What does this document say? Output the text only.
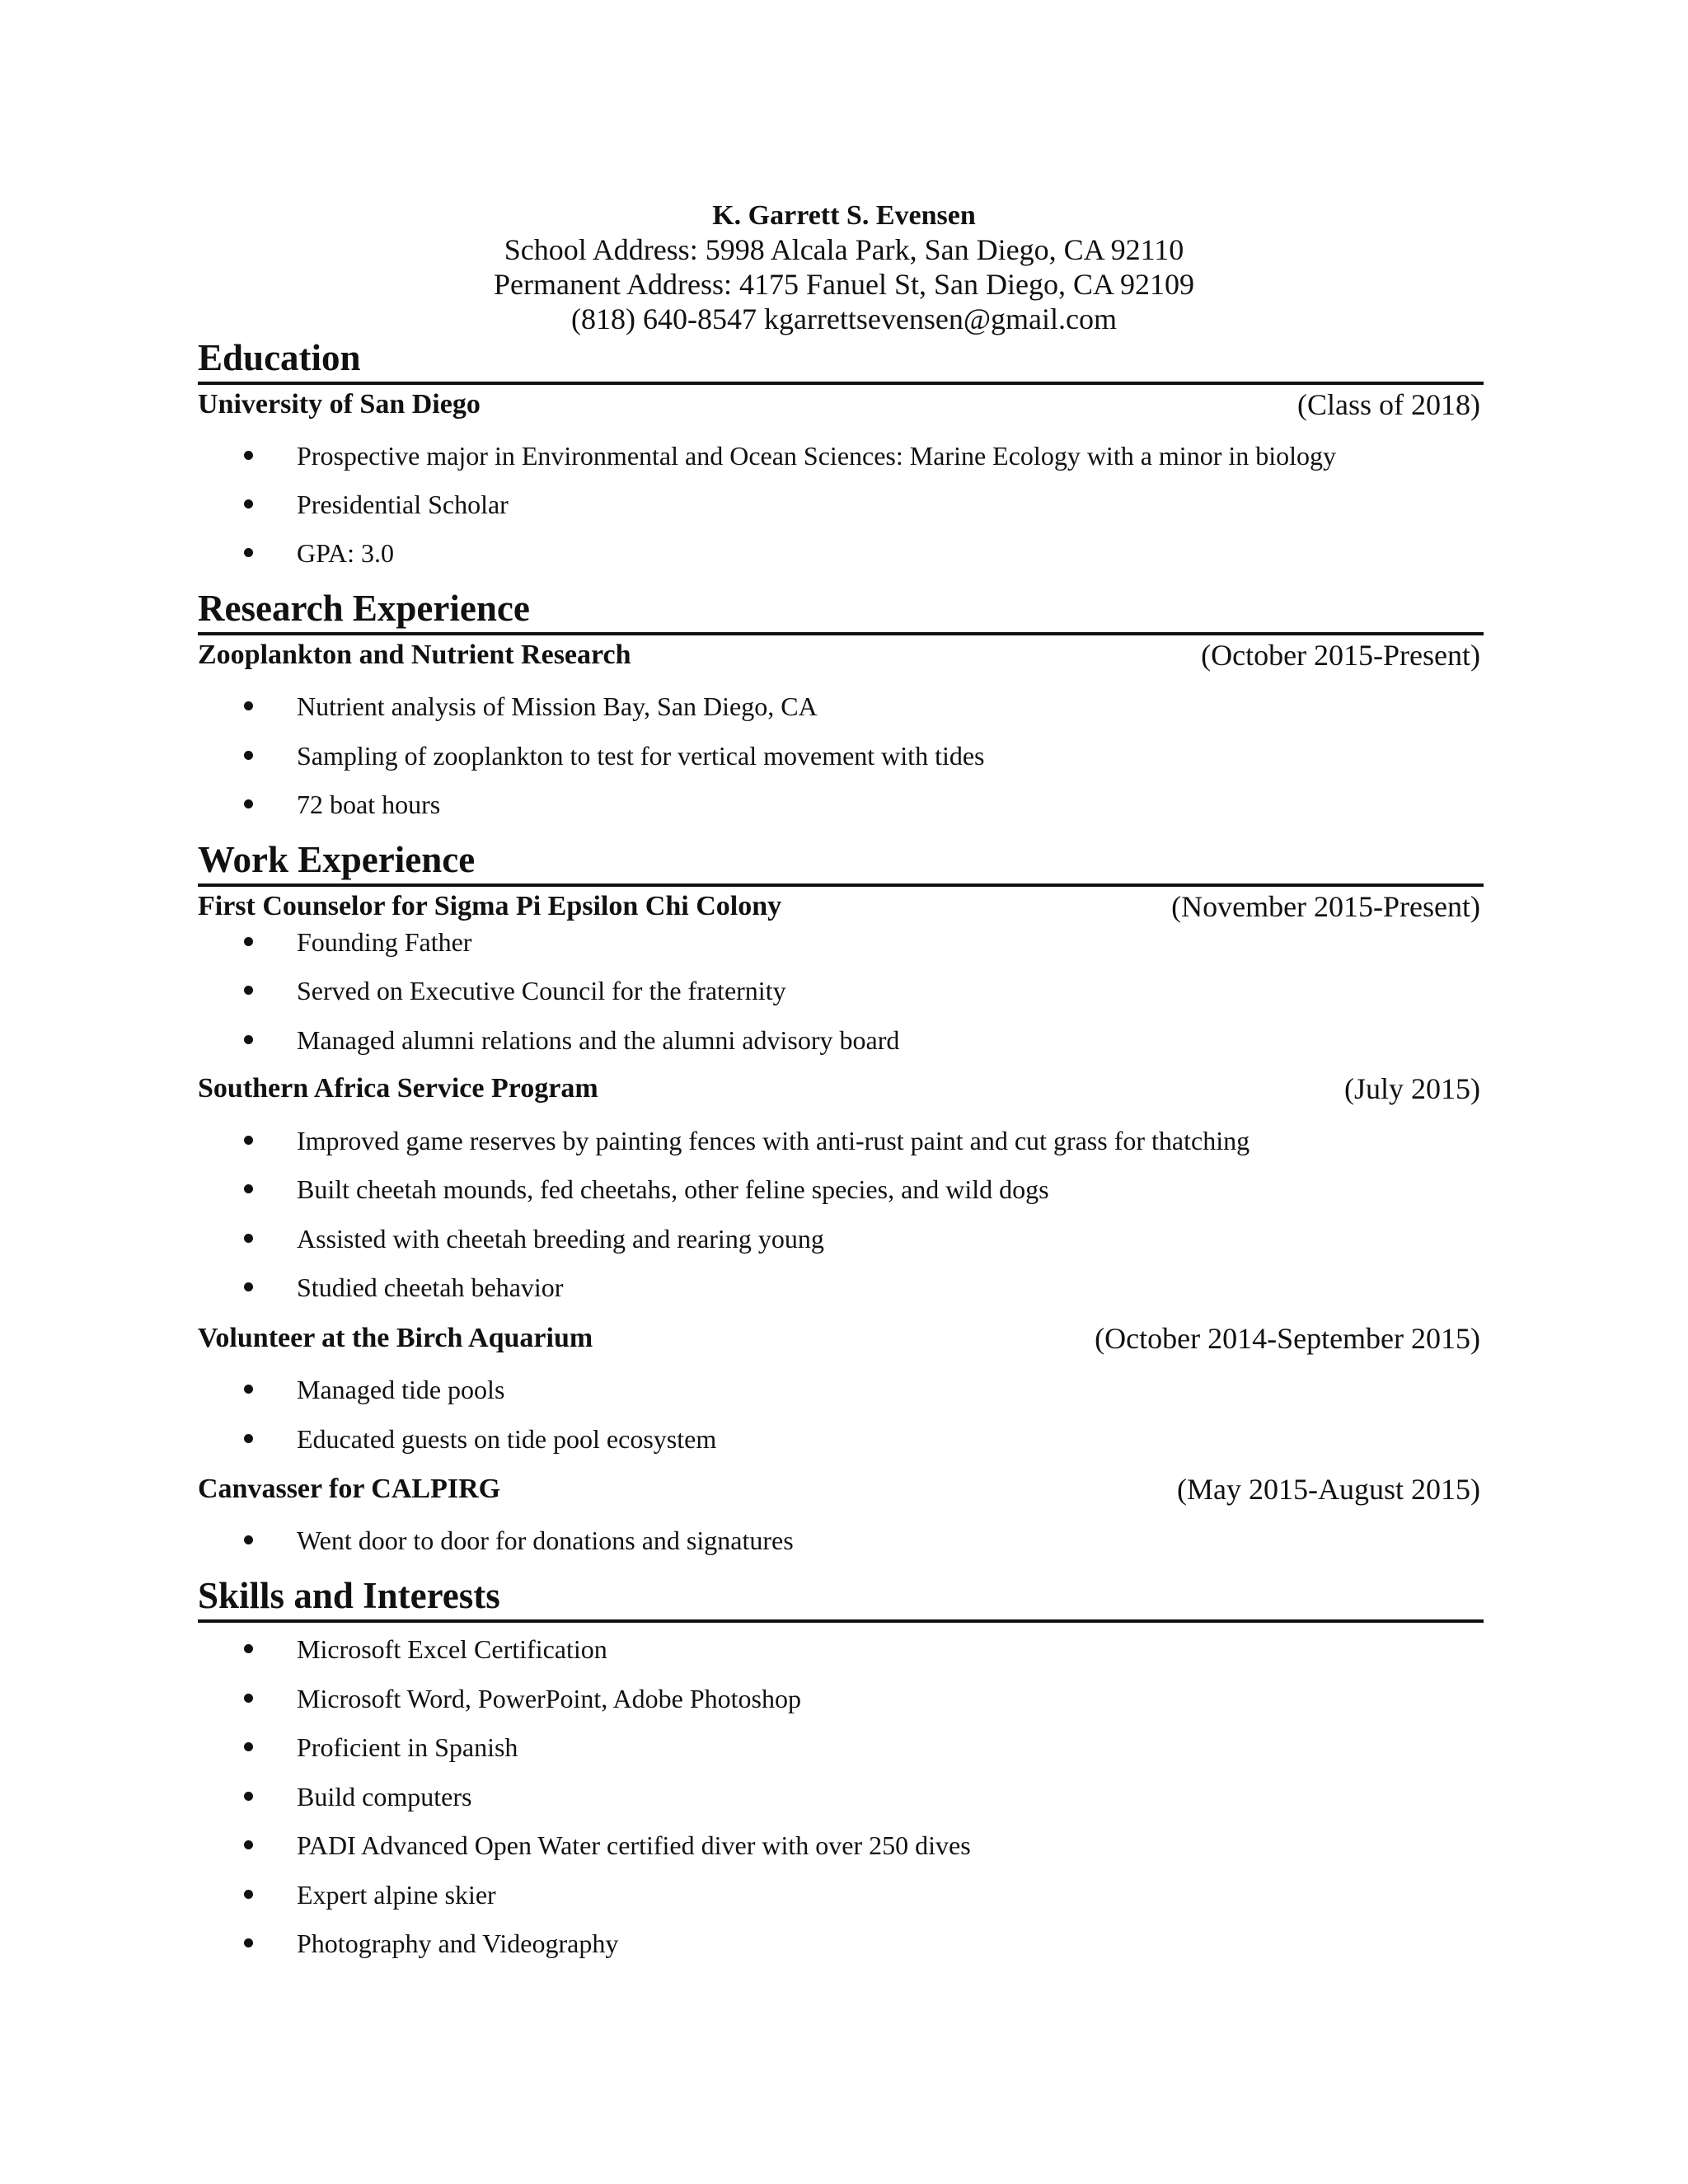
K. Garrett S. Evensen
School Address: 5998 Alcala Park, San Diego, CA 92110
Permanent Address: 4175 Fanuel St, San Diego, CA 92109
(818) 640-8547 kgarrettsevensen@gmail.com
Education
University of San Diego	(Class of 2018)
Prospective major in Environmental and Ocean Sciences: Marine Ecology with a minor in biology
Presidential Scholar
GPA: 3.0
Research Experience
Zooplankton and Nutrient Research	(October 2015-Present)
Nutrient analysis of Mission Bay, San Diego, CA
Sampling of zooplankton to test for vertical movement with tides
72 boat hours
Work Experience
First Counselor for Sigma Pi Epsilon Chi Colony	(November 2015-Present)
Founding Father
Served on Executive Council for the fraternity
Managed alumni relations and the alumni advisory board
Southern Africa Service Program	(July 2015)
Improved game reserves by painting fences with anti-rust paint and cut grass for thatching
Built cheetah mounds, fed cheetahs, other feline species, and wild dogs
Assisted with cheetah breeding and rearing young
Studied cheetah behavior
Volunteer at the Birch Aquarium	(October 2014-September 2015)
Managed tide pools
Educated guests on tide pool ecosystem
Canvasser for CALPIRG	(May 2015-August 2015)
Went door to door for donations and signatures
Skills and Interests
Microsoft Excel Certification
Microsoft Word, PowerPoint, Adobe Photoshop
Proficient in Spanish
Build computers
PADI Advanced Open Water certified diver with over 250 dives
Expert alpine skier
Photography and Videography
